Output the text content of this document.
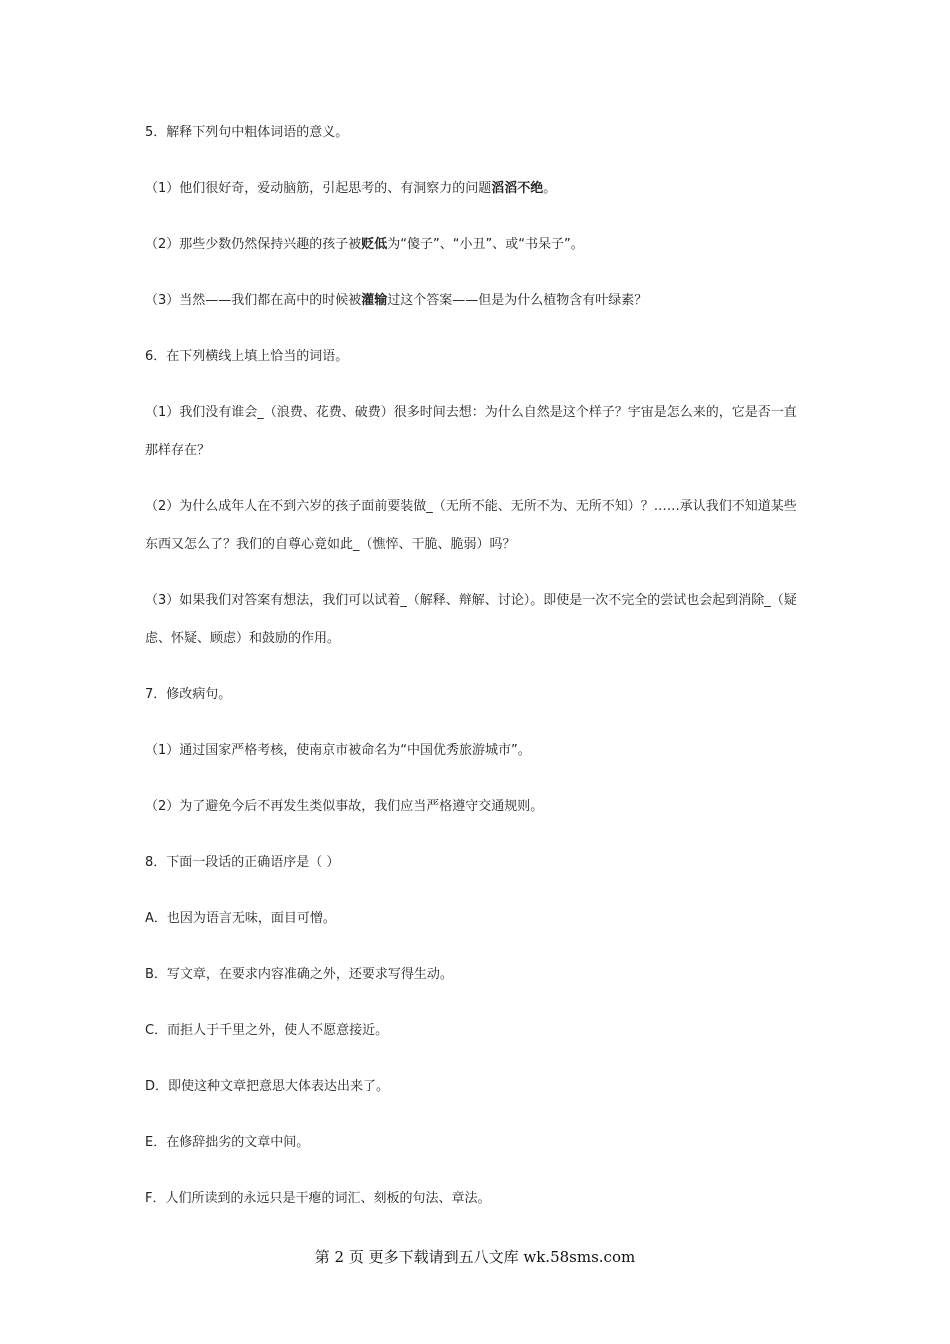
5．解释下列句中粗体词语的意义。

（1）他们很好奇，爱动脑筋，引起思考的、有洞察力的问题滔滔不绝。

（2）那些少数仍然保持兴趣的孩子被贬低为“傻子”、“小丑”、或“书呆子”。

（3）当然——我们都在高中的时候被灌输过这个答案——但是为什么植物含有叶绿素？

6．在下列横线上填上恰当的词语。

（1）我们没有谁会_（浪费、花费、破费）很多时间去想：为什么自然是这个样子？宇宙是怎么来的，它是否一直那样存在？

（2）为什么成年人在不到六岁的孩子面前要装做_（无所不能、无所不为、无所不知）？……承认我们不知道某些东西又怎么了？我们的自尊心竟如此_（憔悴、干脆、脆弱）吗？

（3）如果我们对答案有想法，我们可以试着_（解释、辩解、讨论）。即使是一次不完全的尝试也会起到消除_（疑虑、怀疑、顾虑）和鼓励的作用。

7．修改病句。

（1）通过国家严格考核，使南京市被命名为“中国优秀旅游城市”。

（2）为了避免今后不再发生类似事故，我们应当严格遵守交通规则。

8．下面一段话的正确语序是（ ）

A．也因为语言无味，面目可憎。

B．写文章，在要求内容准确之外，还要求写得生动。

C．而拒人于千里之外，使人不愿意接近。

D．即使这种文章把意思大体表达出来了。

E．在修辞拙劣的文章中间。

F．人们所读到的永远只是干瘪的词汇、刻板的句法、章法。

第 2 页 更多下载请到五八文库 wk.58sms.com
